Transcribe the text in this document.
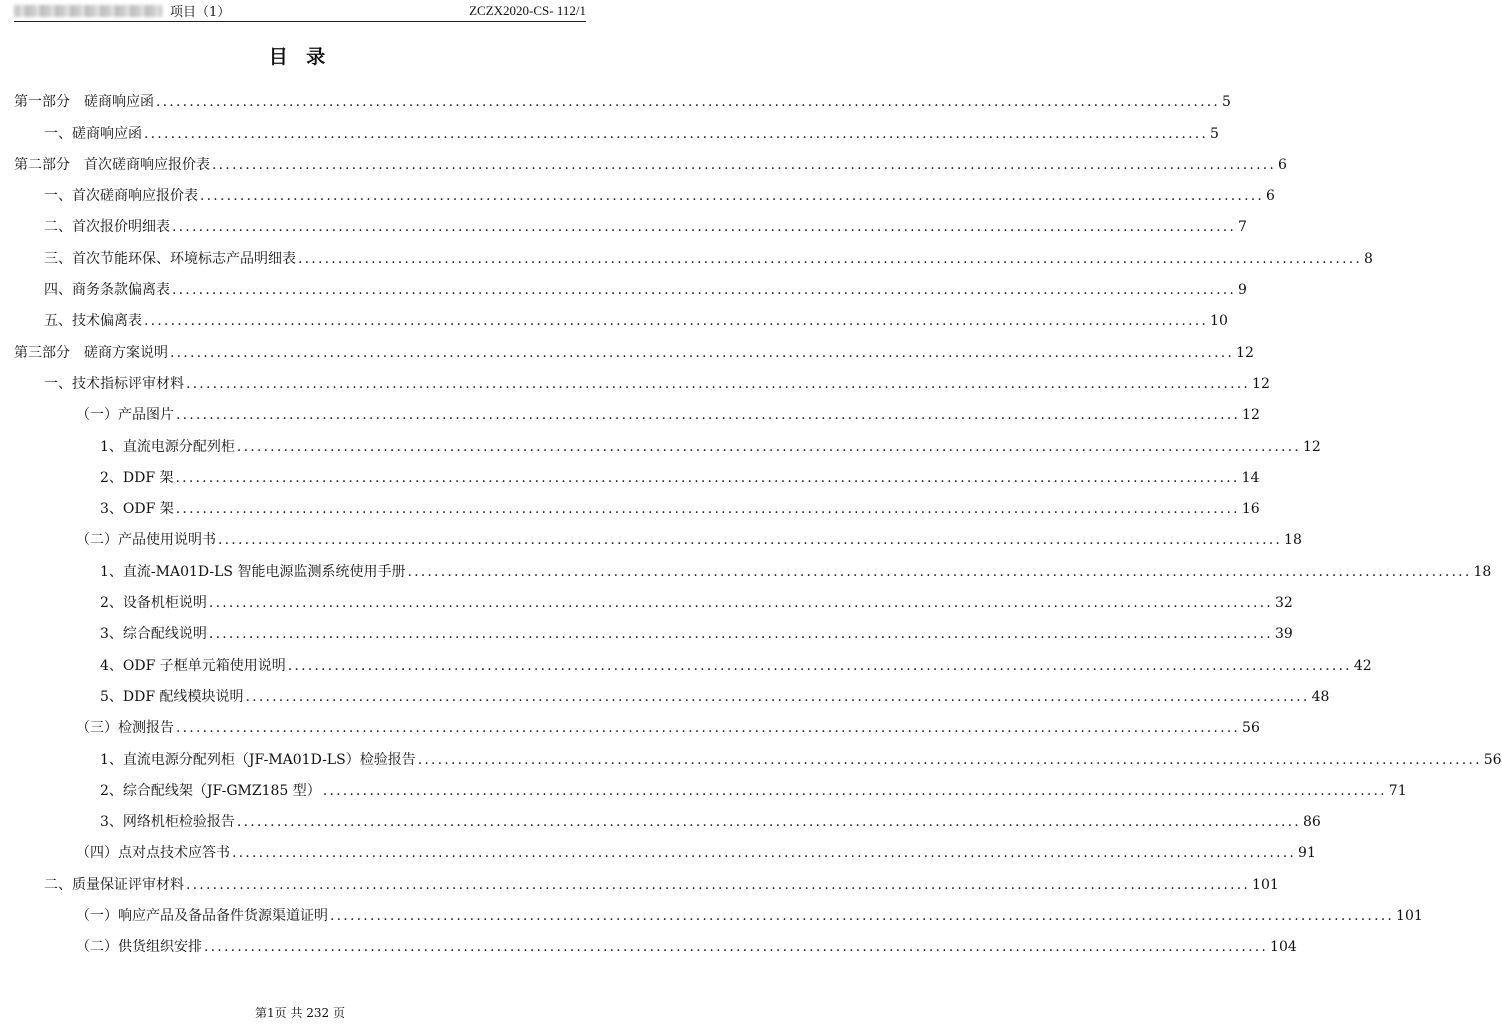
项目（1）	ZCZX2020-CS- 112/1
目 录
第一部分　磋商响应函 ................................................................................................................................................................ 5
一、磋商响应函 ................................................................................................................................................................ 5
第二部分　首次磋商响应报价表 ................................................................................................................................................................ 6
一、首次磋商响应报价表 ................................................................................................................................................................ 6
二、首次报价明细表 ................................................................................................................................................................ 7
三、首次节能环保、环境标志产品明细表 ................................................................................................................................................................ 8
四、商务条款偏离表 ................................................................................................................................................................ 9
五、技术偏离表 ................................................................................................................................................................ 10
第三部分　磋商方案说明 ................................................................................................................................................................ 12
一、技术指标评审材料 ................................................................................................................................................................ 12
（一）产品图片 ................................................................................................................................................................ 12
1、直流电源分配列柜 ................................................................................................................................................................ 12
2、DDF 架 ................................................................................................................................................................ 14
3、ODF 架 ................................................................................................................................................................ 16
（二）产品使用说明书 ................................................................................................................................................................ 18
1、直流-MA01D-LS 智能电源监测系统使用手册 ................................................................................................................................................................ 18
2、设备机柜说明 ................................................................................................................................................................ 32
3、综合配线说明 ................................................................................................................................................................ 39
4、ODF 子框单元箱使用说明 ................................................................................................................................................................ 42
5、DDF 配线模块说明 ................................................................................................................................................................ 48
（三）检测报告 ................................................................................................................................................................ 56
1、直流电源分配列柜（JF-MA01D-LS）检验报告 ................................................................................................................................................................ 56
2、综合配线架（JF-GMZ185 型） ................................................................................................................................................................ 71
3、网络机柜检验报告 ................................................................................................................................................................ 86
（四）点对点技术应答书 ................................................................................................................................................................ 91
二、质量保证评审材料 ................................................................................................................................................................ 101
（一）响应产品及备品备件货源渠道证明 ................................................................................................................................................................ 101
（二）供货组织安排 ................................................................................................................................................................ 104
第1页 共 232 页
